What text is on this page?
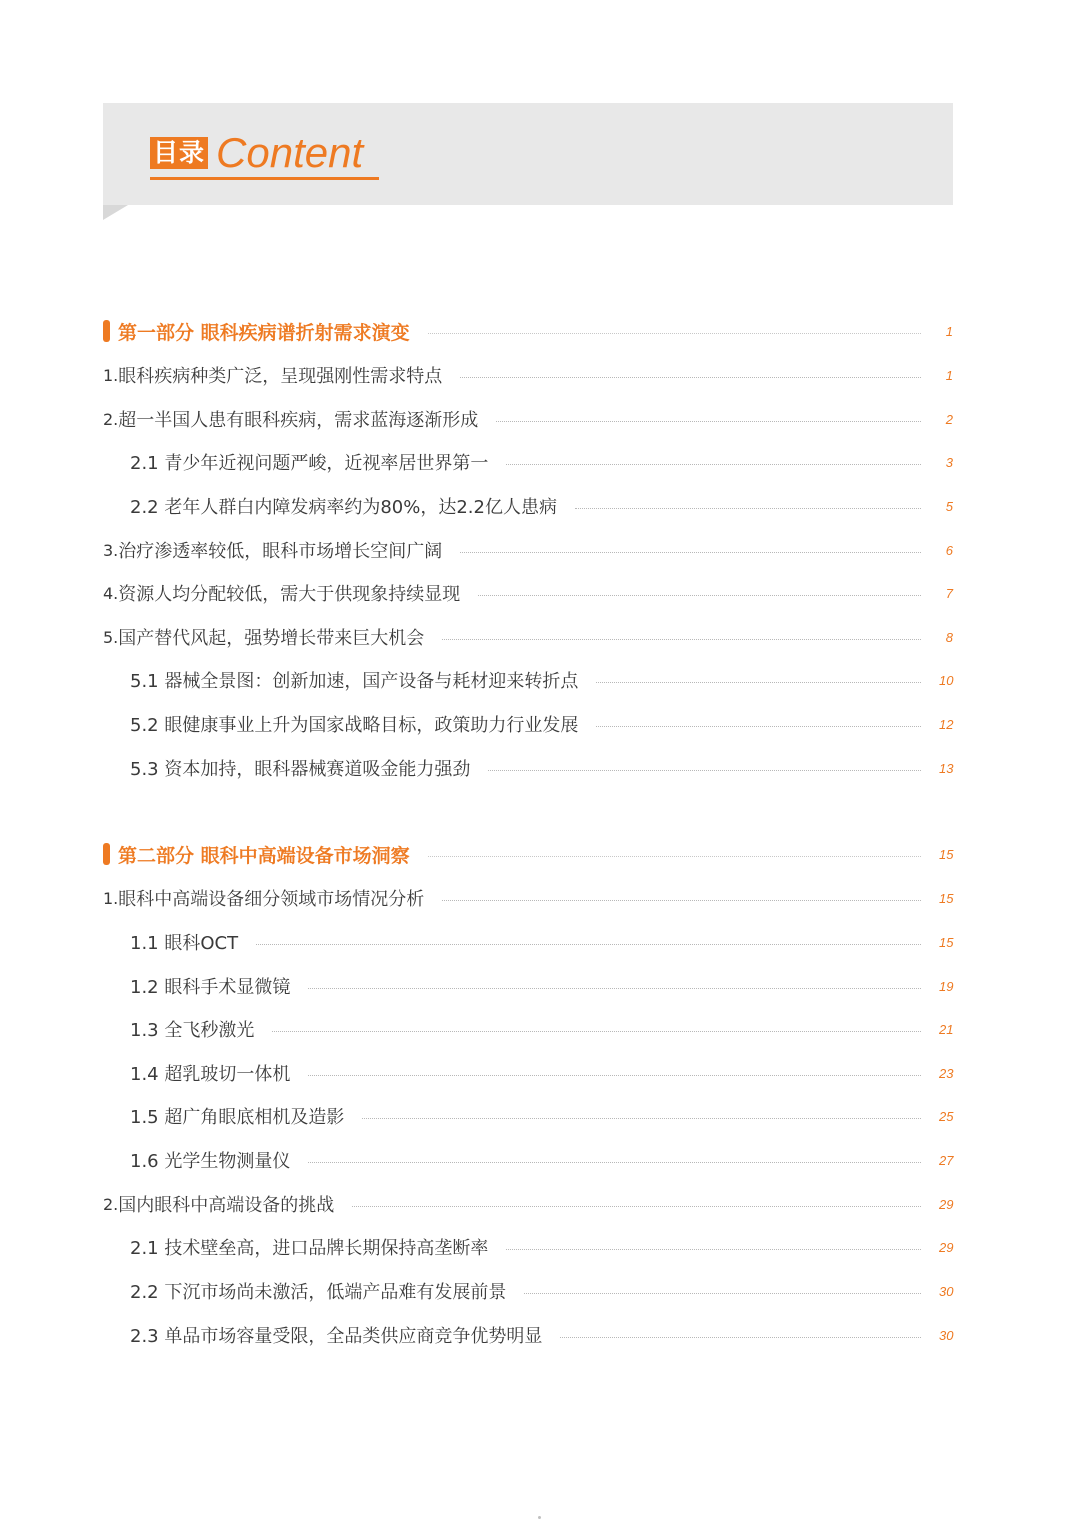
目录 Content
第一部分 眼科疾病谱折射需求演变	1
1. 眼科疾病种类广泛，呈现强刚性需求特点	1
2. 超一半国人患有眼科疾病，需求蓝海逐渐形成	2
2.1 青少年近视问题严峻，近视率居世界第一	3
2.2 老年人群白内障发病率约为80%，达2.2亿人患病	5
3. 治疗渗透率较低，眼科市场增长空间广阔	6
4. 资源人均分配较低，需大于供现象持续显现	7
5. 国产替代风起，强势增长带来巨大机会	8
5.1 器械全景图：创新加速，国产设备与耗材迎来转折点	10
5.2 眼健康事业上升为国家战略目标，政策助力行业发展	12
5.3 资本加持，眼科器械赛道吸金能力强劲	13
第二部分 眼科中高端设备市场洞察	15
1. 眼科中高端设备细分领域市场情况分析	15
1.1 眼科OCT	15
1.2 眼科手术显微镜	19
1.3 全飞秒激光	21
1.4 超乳玻切一体机	23
1.5 超广角眼底相机及造影	25
1.6 光学生物测量仪	27
2. 国内眼科中高端设备的挑战	29
2.1 技术壁垒高，进口品牌长期保持高垄断率	29
2.2 下沉市场尚未激活，低端产品难有发展前景	30
2.3 单品市场容量受限，全品类供应商竞争优势明显	30
